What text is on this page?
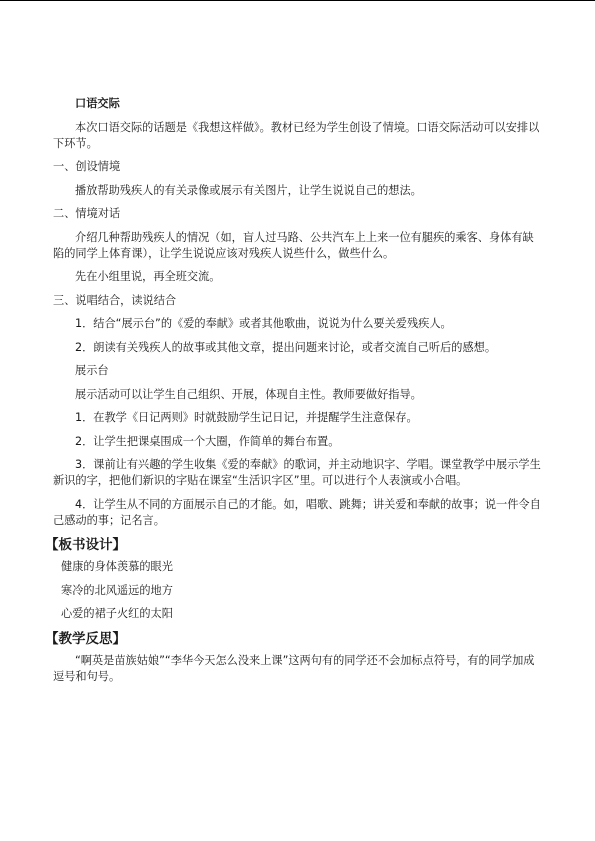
口语交际

本次口语交际的话题是《我想这样做》。教材已经为学生创设了情境。口语交际活动可以安排以下环节。

一、创设情境

播放帮助残疾人的有关录像或展示有关图片，让学生说说自己的想法。

二、情境对话

介绍几种帮助残疾人的情况（如，盲人过马路、公共汽车上上来一位有腿疾的乘客、身体有缺陷的同学上体育课），让学生说说应该对残疾人说些什么，做些什么。

先在小组里说，再全班交流。

三、说唱结合，读说结合

1．结合“展示台”的《爱的奉献》或者其他歌曲，说说为什么要关爱残疾人。

2．朗读有关残疾人的故事或其他文章，提出问题来讨论，或者交流自己听后的感想。

展示台

展示活动可以让学生自己组织、开展，体现自主性。教师要做好指导。

1．在教学《日记两则》时就鼓励学生记日记，并提醒学生注意保存。

2．让学生把课桌围成一个大圈，作简单的舞台布置。

3．课前让有兴趣的学生收集《爱的奉献》的歌词，并主动地识字、学唱。课堂教学中展示学生新识的字，把他们新识的字贴在课室“生活识字区”里。可以进行个人表演或小合唱。

4．让学生从不同的方面展示自己的才能。如，唱歌、跳舞；讲关爱和奉献的故事；说一件令自己感动的事；记名言。

【板书设计】

健康的身体羡慕的眼光

寒冷的北风遥远的地方

心爱的裙子火红的太阳

【教学反思】

“啊英是苗族姑娘”“李华今天怎么没来上课”这两句有的同学还不会加标点符号，有的同学加成逗号和句号。
